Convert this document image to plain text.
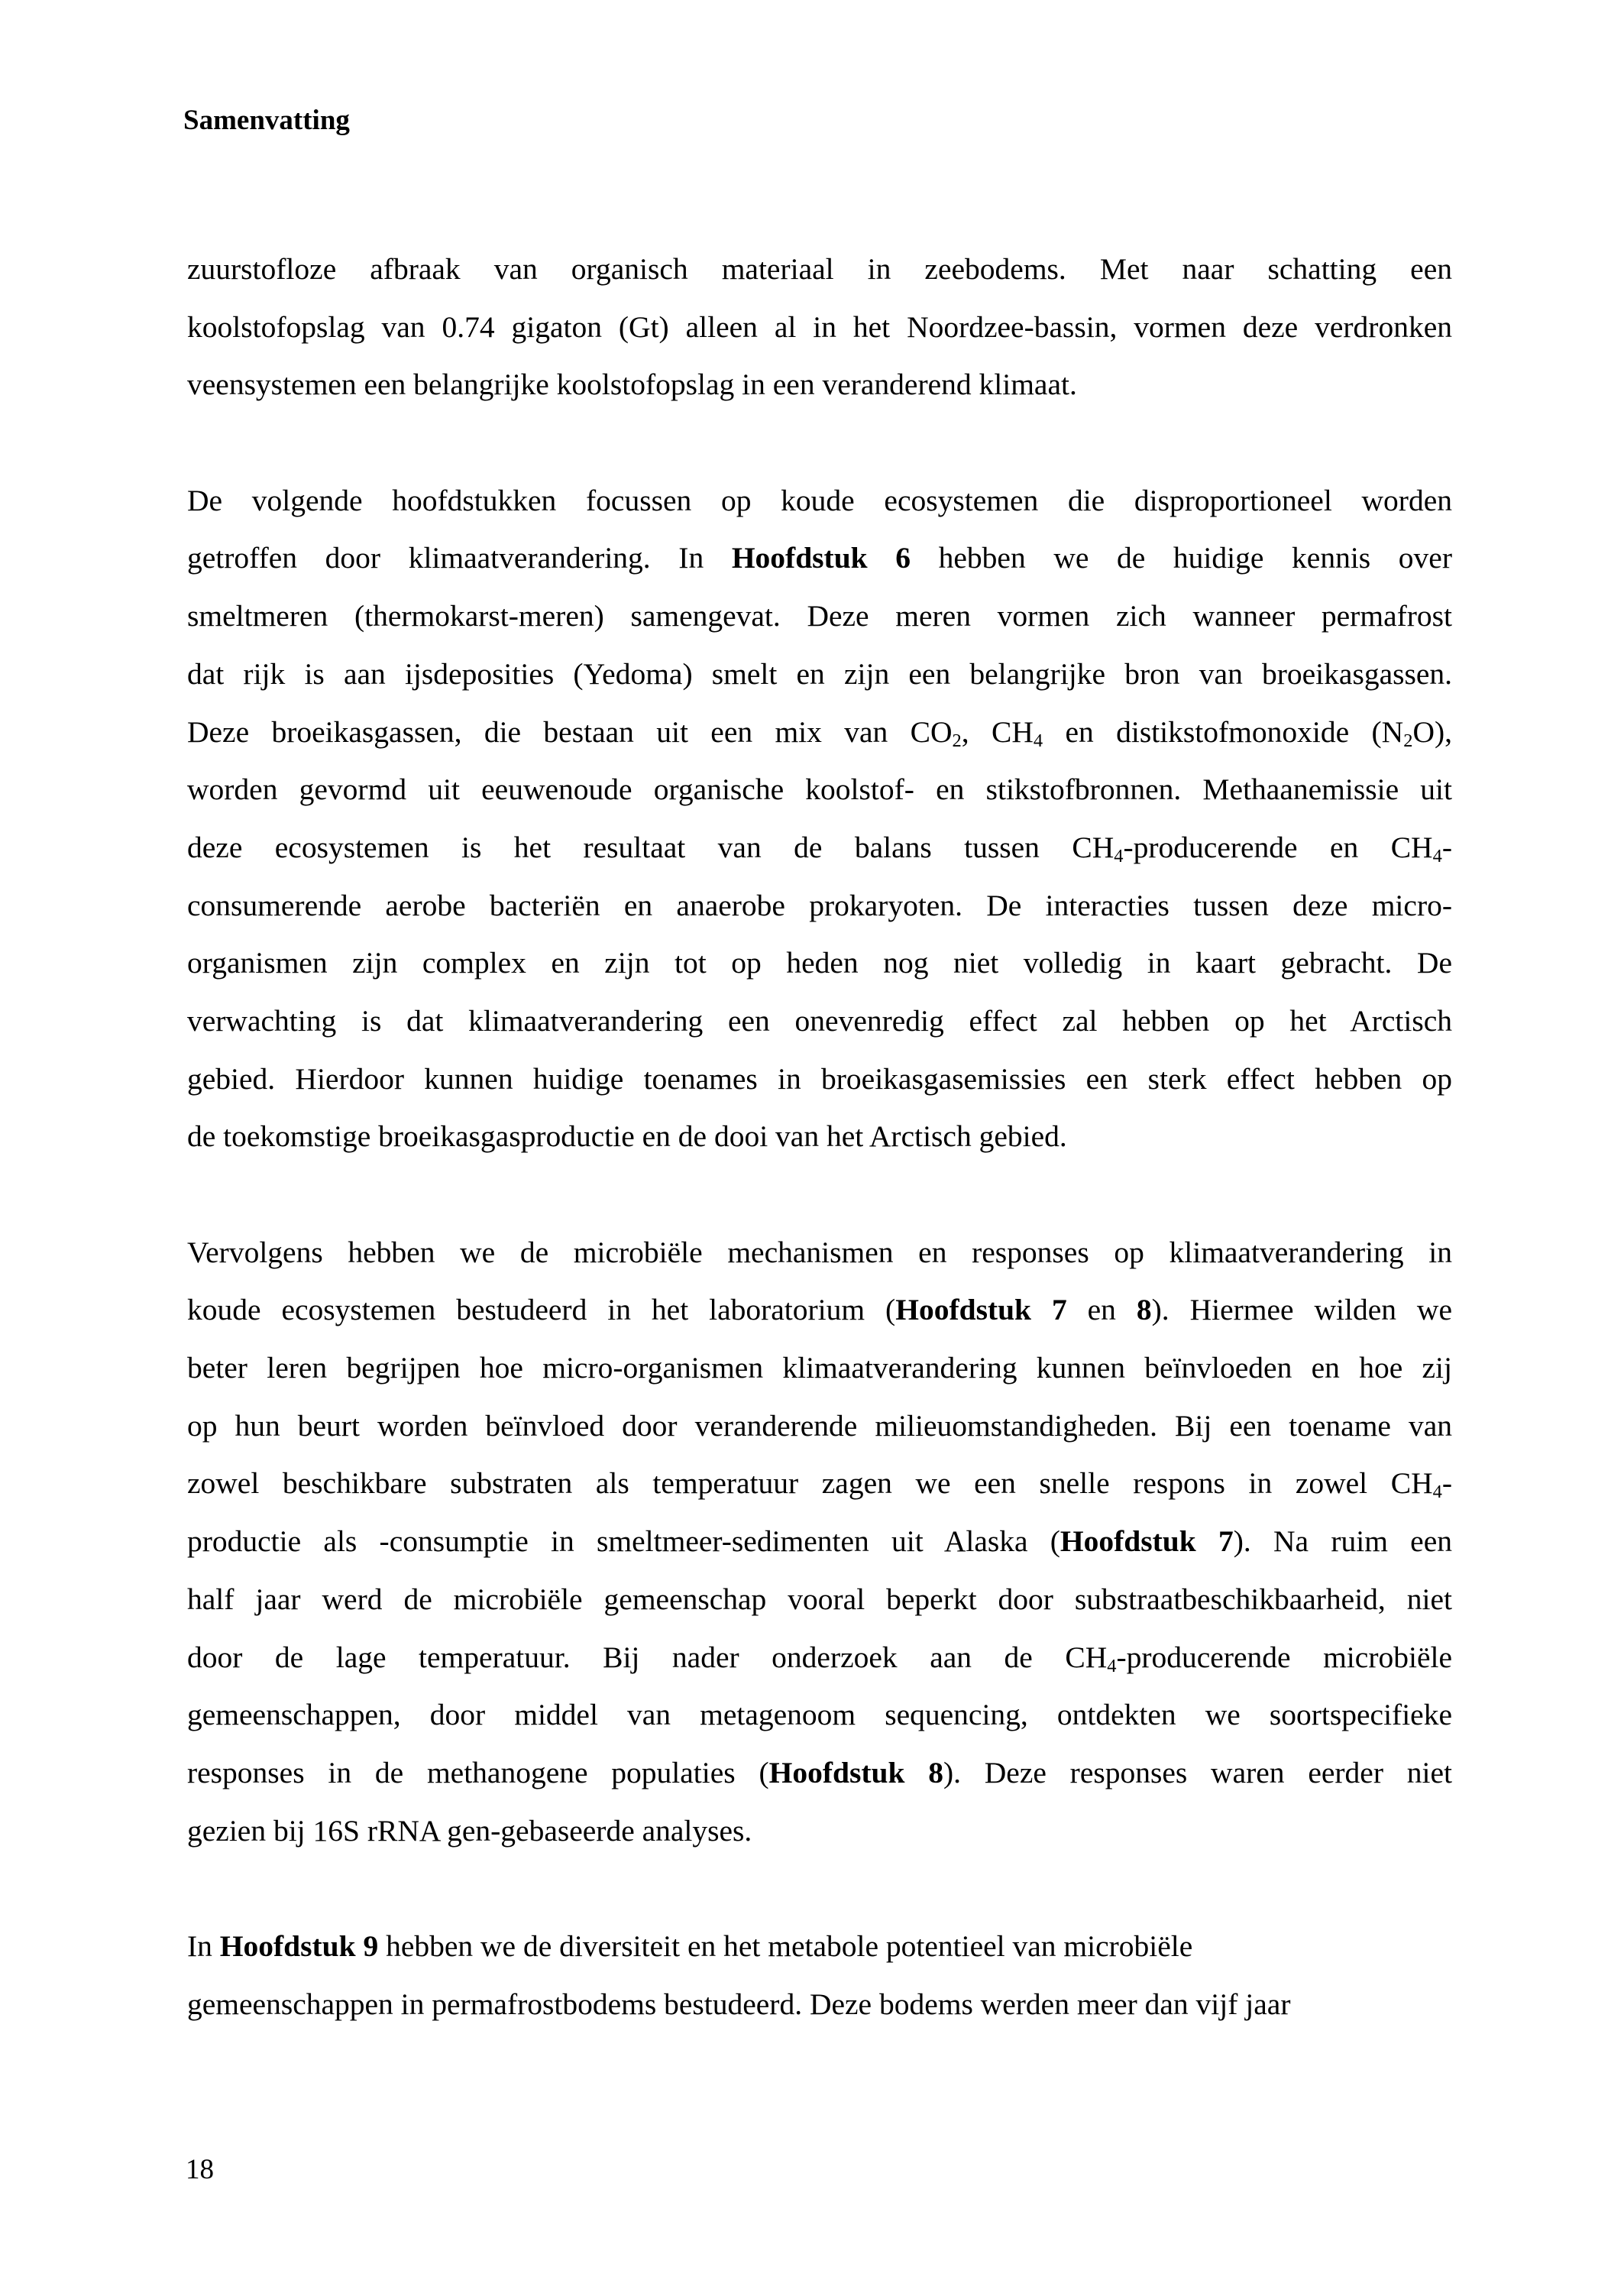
Samenvatting
zuurstofloze afbraak van organisch materiaal in zeebodems. Met naar schatting een
koolstofopslag van 0.74 gigaton (Gt) alleen al in het Noordzee-bassin, vormen deze verdronken
veensystemen een belangrijke koolstofopslag in een veranderend klimaat.
De volgende hoofdstukken focussen op koude ecosystemen die disproportioneel worden
getroffen door klimaatverandering. In Hoofdstuk 6 hebben we de huidige kennis over
smeltmeren (thermokarst-meren) samengevat. Deze meren vormen zich wanneer permafrost
dat rijk is aan ijsdeposities (Yedoma) smelt en zijn een belangrijke bron van broeikasgassen.
Deze broeikasgassen, die bestaan uit een mix van $CO_2$, $CH_4$ en distikstofmonoxide $(N_2O)$,
worden gevormd uit eeuwenoude organische koolstof- en stikstofbronnen. Methaanemissie uit
deze ecosystemen is het resultaat van de balans tussen $CH_4$-producerende en $CH_4-$
consumerende aerobe bacteriën en anaerobe prokaryoten. De interacties tussen deze micro-
organismen zijn complex en zijn tot op heden nog niet volledig in kaart gebracht. De
verwachting is dat klimaatverandering een onevenredig effect zal hebben op het Arctisch
gebied. Hierdoor kunnen huidige toenames in broeikasgasemissies een sterk effect hebben op
de toekomstige broeikasgasproductie en de dooi van het Arctisch gebied.
Vervolgens hebben we de microbiële mechanismen en responses op klimaatverandering in
koude ecosystemen bestudeerd in het laboratorium (Hoofdstuk 7 en 8). Hiermee wilden we
beter leren begrijpen hoe micro-organismen klimaatverandering kunnen beïnvloeden en hoe zij
op hun beurt worden beïnvloed door veranderende milieuomstandigheden. Bij een toename van
zowel beschikbare substraten als temperatuur zagen we een snelle respons in zowel $CH_4-$
productie als -consumptie in smeltmeer-sedimenten uit Alaska (Hoofdstuk 7). Na ruim een
half jaar werd de microbiële gemeenschap vooral beperkt door substraatbeschikbaarheid, niet
door de lage temperatuur. Bij nader onderzoek aan de $CH_4$-producerende microbiële
gemeenschappen, door middel van metagenoom sequencing, ontdekten we soortspecifieke
responses in de methanogene populaties (Hoofdstuk 8). Deze responses waren eerder niet
gezien bij 16S rRNA gen-gebaseerde analyses.
In Hoofdstuk 9 hebben we de diversiteit en het metabole potentieel van microbiële
gemeenschappen in permafrostbodems bestudeerd. Deze bodems werden meer dan vijf jaar
18
